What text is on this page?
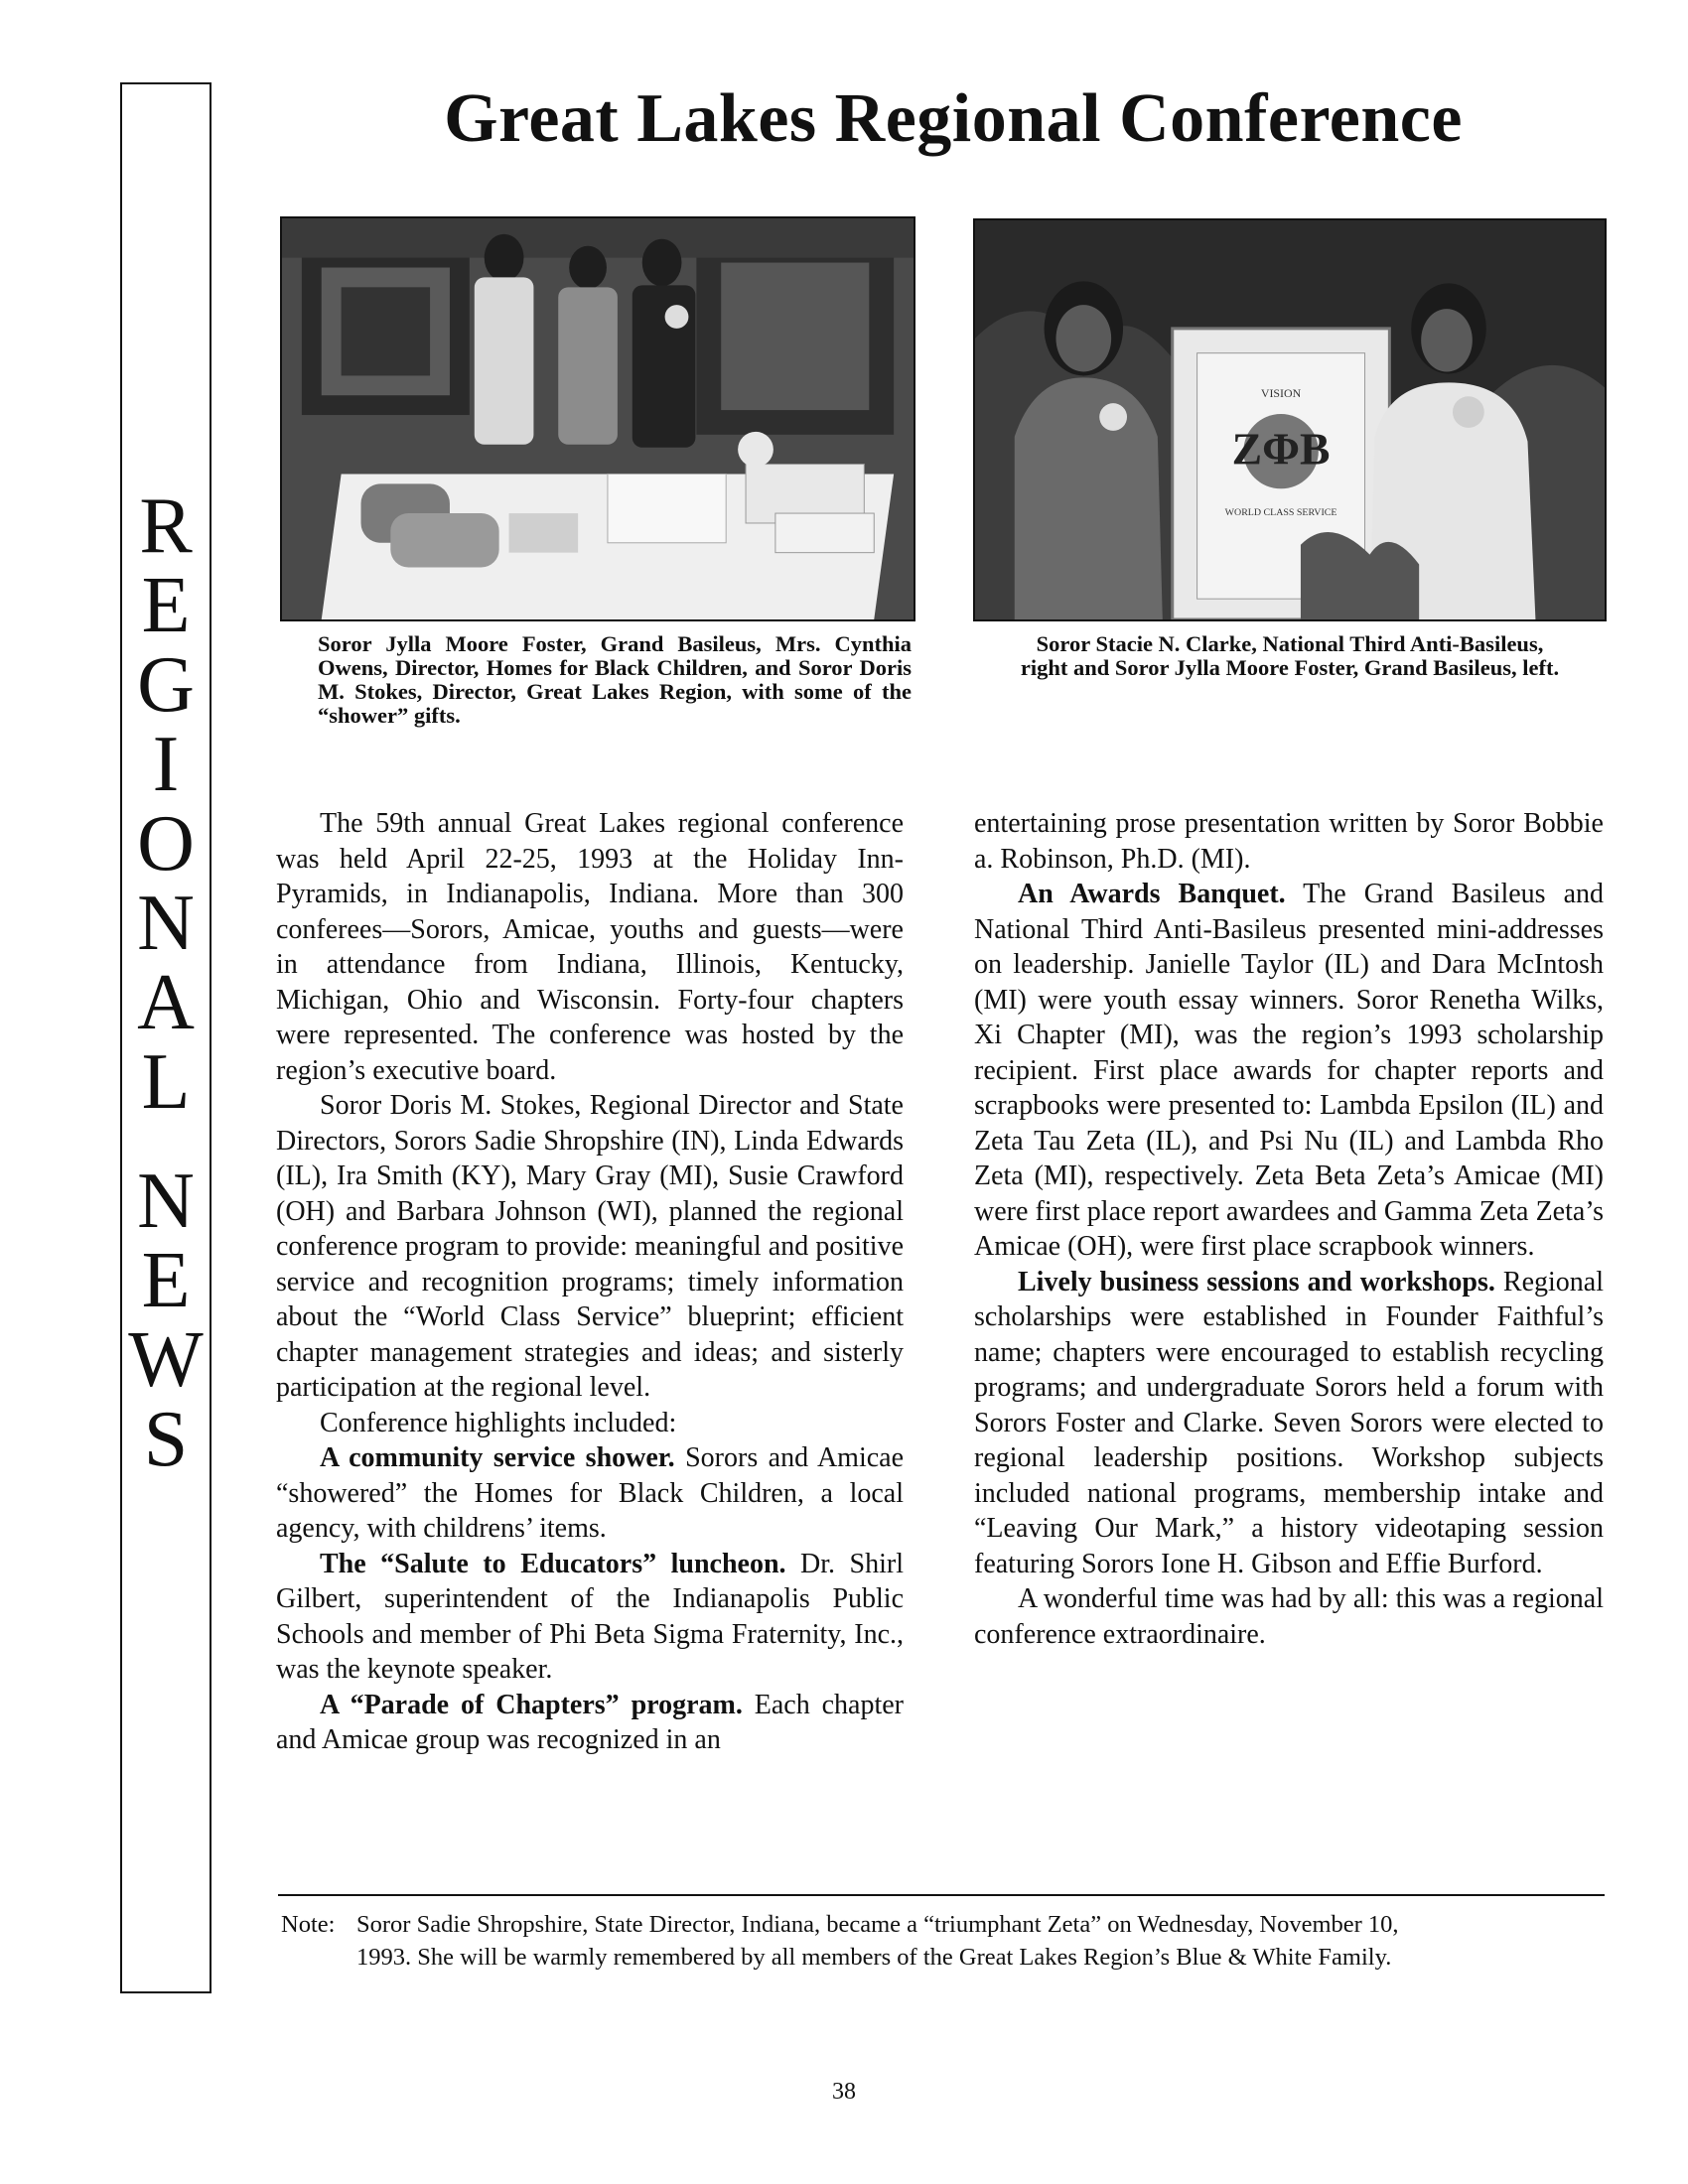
R
E
G
I
O
N
A
L
N
E
W
S
Great Lakes Regional Conference
VISION
ZΦB
WORLD CLASS SERVICE
Soror Jylla Moore Foster, Grand Basileus, Mrs. Cynthia Owens, Director, Homes for Black Children, and Soror Doris M. Stokes, Director, Great Lakes Region, with some of the “shower” gifts.
Soror Stacie N. Clarke, National Third Anti-Basileus,
right and Soror Jylla Moore Foster, Grand Basileus, left.

The 59th annual Great Lakes regional conference was held April 22-25, 1993 at the Holiday Inn-Pyramids, in Indianapolis, Indiana. More than 300 conferees—Sorors, Amicae, youths and guests—were in attendance from Indiana, Illinois, Kentucky, Michigan, Ohio and Wisconsin. Forty-four chapters were represented. The conference was hosted by the region’s executive board.

Soror Doris M. Stokes, Regional Director and State Directors, Sorors Sadie Shropshire (IN), Linda Edwards (IL), Ira Smith (KY), Mary Gray (MI), Susie Crawford (OH) and Barbara Johnson (WI), planned the regional conference program to provide: meaningful and positive service and recognition programs; timely information about the “World Class Service” blueprint; efficient chapter management strategies and ideas; and sisterly participation at the regional level.

Conference highlights included:

A community service shower. Sorors and Amicae “showered” the Homes for Black Children, a local agency, with childrens’ items.

The “Salute to Educators” luncheon. Dr. Shirl Gilbert, superintendent of the Indianapolis Public Schools and member of Phi Beta Sigma Fraternity, Inc., was the keynote speaker.

A “Parade of Chapters” program. Each chapter and Amicae group was recognized in an

entertaining prose presentation written by Soror Bobbie a. Robinson, Ph.D. (MI).

An Awards Banquet. The Grand Basileus and National Third Anti-Basileus presented mini-addresses on leadership. Janielle Taylor (IL) and Dara McIntosh (MI) were youth essay winners. Soror Renetha Wilks, Xi Chapter (MI), was the region’s 1993 scholarship recipient. First place awards for chapter reports and scrapbooks were presented to: Lambda Epsilon (IL) and Zeta Tau Zeta (IL), and Psi Nu (IL) and Lambda Rho Zeta (MI), respectively. Zeta Beta Zeta’s Amicae (MI) were first place report awardees and Gamma Zeta Zeta’s Amicae (OH), were first place scrapbook winners.

Lively business sessions and workshops. Regional scholarships were established in Founder Faithful’s name; chapters were encouraged to establish recycling programs; and undergraduate Sorors held a forum with Sorors Foster and Clarke. Seven Sorors were elected to regional leadership positions. Workshop subjects included national programs, membership intake and “Leaving Our Mark,” a history videotaping session featuring Sorors Ione H. Gibson and Effie Burford.

A wonderful time was had by all: this was a regional conference extraordinaire.

Note: Soror Sadie Shropshire, State Director, Indiana, became a “triumphant Zeta” on Wednesday, November 10,
1993. She will be warmly remembered by all members of the Great Lakes Region’s Blue & White Family.
38
